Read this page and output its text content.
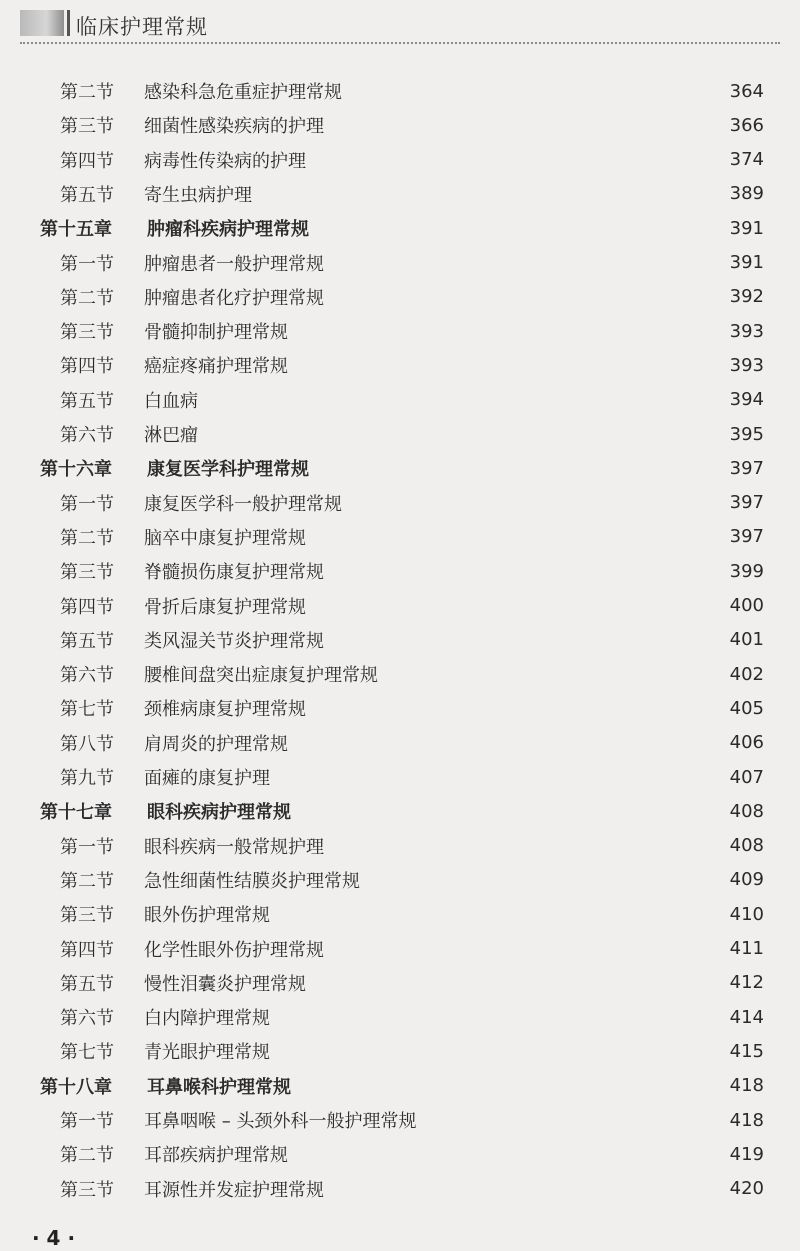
临床护理常规
第二节	感染科急危重症护理常规	364
第三节	细菌性感染疾病的护理	366
第四节	病毒性传染病的护理	374
第五节	寄生虫病护理	389
第十五章	肿瘤科疾病护理常规	391
第一节	肿瘤患者一般护理常规	391
第二节	肿瘤患者化疗护理常规	392
第三节	骨髓抑制护理常规	393
第四节	癌症疼痛护理常规	393
第五节	白血病	394
第六节	淋巴瘤	395
第十六章	康复医学科护理常规	397
第一节	康复医学科一般护理常规	397
第二节	脑卒中康复护理常规	397
第三节	脊髓损伤康复护理常规	399
第四节	骨折后康复护理常规	400
第五节	类风湿关节炎护理常规	401
第六节	腰椎间盘突出症康复护理常规	402
第七节	颈椎病康复护理常规	405
第八节	肩周炎的护理常规	406
第九节	面瘫的康复护理	407
第十七章	眼科疾病护理常规	408
第一节	眼科疾病一般常规护理	408
第二节	急性细菌性结膜炎护理常规	409
第三节	眼外伤护理常规	410
第四节	化学性眼外伤护理常规	411
第五节	慢性泪囊炎护理常规	412
第六节	白内障护理常规	414
第七节	青光眼护理常规	415
第十八章	耳鼻喉科护理常规	418
第一节	耳鼻咽喉 – 头颈外科一般护理常规	418
第二节	耳部疾病护理常规	419
第三节	耳源性并发症护理常规	420
· 4 ·
